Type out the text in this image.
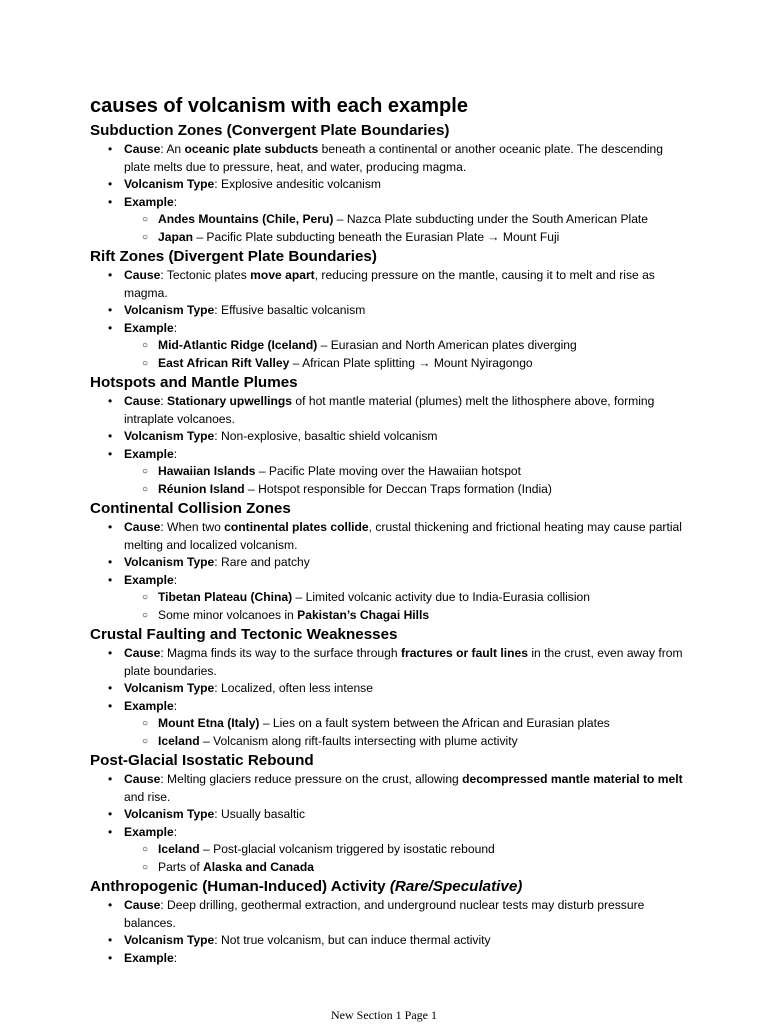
causes of volcanism with each example
Subduction Zones (Convergent Plate Boundaries)
• Cause: An oceanic plate subducts beneath a continental or another oceanic plate. The descending plate melts due to pressure, heat, and water, producing magma.
• Volcanism Type: Explosive andesitic volcanism
• Example:
○ Andes Mountains (Chile, Peru) – Nazca Plate subducting under the South American Plate
○ Japan – Pacific Plate subducting beneath the Eurasian Plate → Mount Fuji
Rift Zones (Divergent Plate Boundaries)
• Cause: Tectonic plates move apart, reducing pressure on the mantle, causing it to melt and rise as magma.
• Volcanism Type: Effusive basaltic volcanism
• Example:
○ Mid-Atlantic Ridge (Iceland) – Eurasian and North American plates diverging
○ East African Rift Valley – African Plate splitting → Mount Nyiragongo
Hotspots and Mantle Plumes
• Cause: Stationary upwellings of hot mantle material (plumes) melt the lithosphere above, forming intraplate volcanoes.
• Volcanism Type: Non-explosive, basaltic shield volcanism
• Example:
○ Hawaiian Islands – Pacific Plate moving over the Hawaiian hotspot
○ Réunion Island – Hotspot responsible for Deccan Traps formation (India)
Continental Collision Zones
• Cause: When two continental plates collide, crustal thickening and frictional heating may cause partial melting and localized volcanism.
• Volcanism Type: Rare and patchy
• Example:
○ Tibetan Plateau (China) – Limited volcanic activity due to India-Eurasia collision
○ Some minor volcanoes in Pakistan’s Chagai Hills
Crustal Faulting and Tectonic Weaknesses
• Cause: Magma finds its way to the surface through fractures or fault lines in the crust, even away from plate boundaries.
• Volcanism Type: Localized, often less intense
• Example:
○ Mount Etna (Italy) – Lies on a fault system between the African and Eurasian plates
○ Iceland – Volcanism along rift-faults intersecting with plume activity
Post-Glacial Isostatic Rebound
• Cause: Melting glaciers reduce pressure on the crust, allowing decompressed mantle material to melt and rise.
• Volcanism Type: Usually basaltic
• Example:
○ Iceland – Post-glacial volcanism triggered by isostatic rebound
○ Parts of Alaska and Canada
Anthropogenic (Human-Induced) Activity (Rare/Speculative)
• Cause: Deep drilling, geothermal extraction, and underground nuclear tests may disturb pressure balances.
• Volcanism Type: Not true volcanism, but can induce thermal activity
• Example:
New Section 1 Page 1
